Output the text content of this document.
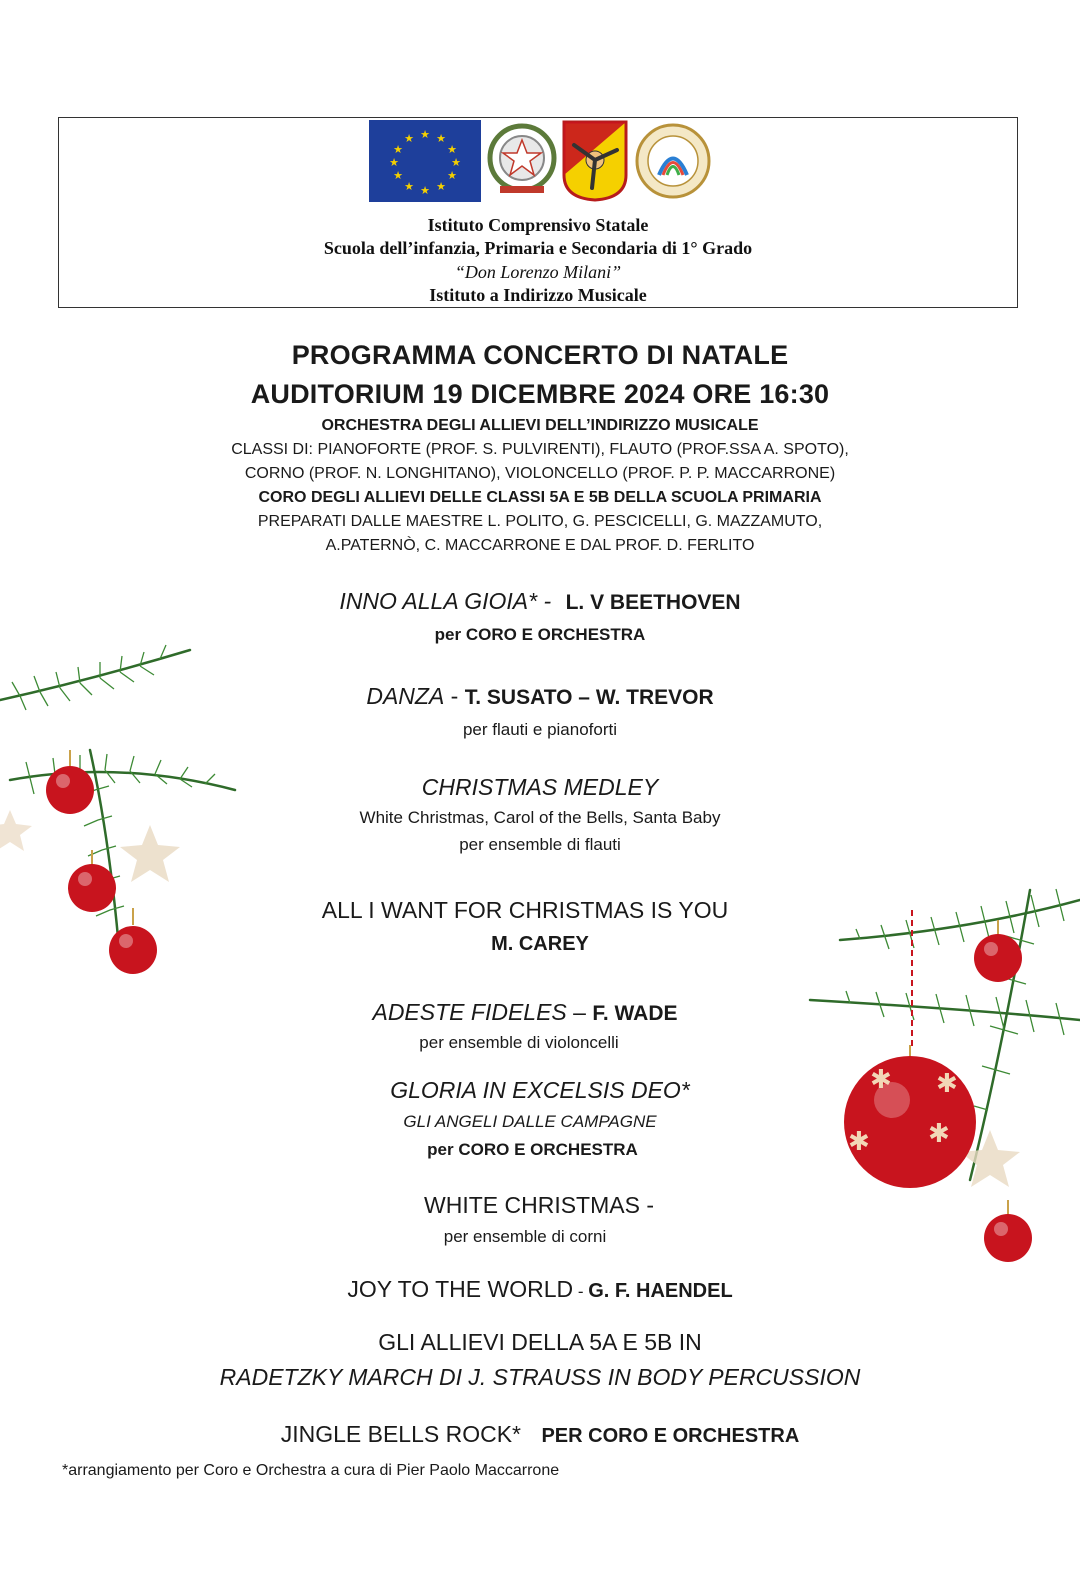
★ ★
★
★
★
★
★
★
★
★
★
★
Istituto Comprensivo Statale
Scuola dell’infanzia, Primaria e Secondaria di 1° Grado
“Don Lorenzo Milani”
Istituto a Indirizzo Musicale
✱
✱
✱
✱
PROGRAMMA CONCERTO DI NATALE
AUDITORIUM 19 DICEMBRE 2024 ORE 16:30
ORCHESTRA DEGLI ALLIEVI DELL’INDIRIZZO MUSICALE
CLASSI DI: PIANOFORTE (PROF. S. PULVIRENTI), FLAUTO (PROF.SSA A. SPOTO),
CORNO (PROF. N. LONGHITANO), VIOLONCELLO (PROF. P. P. MACCARRONE)
CORO DEGLI ALLIEVI DELLE CLASSI 5A E 5B DELLA SCUOLA PRIMARIA
PREPARATI DALLE MAESTRE L. POLITO, G. PESCICELLI, G. MAZZAMUTO,
A.PATERNÒ, C. MACCARRONE E DAL PROF. D. FERLITO
INNO ALLA GIOIA* - L. V BEETHOVEN
per CORO E ORCHESTRA
DANZA - T. SUSATO – W. TREVOR
per flauti e pianoforti
CHRISTMAS MEDLEY
White Christmas, Carol of the Bells, Santa Baby
per ensemble di flauti
ALL I WANT FOR CHRISTMAS IS YOU
M. CAREY
ADESTE FIDELES – F. WADE
per ensemble di violoncelli
GLORIA IN EXCELSIS DEO*
GLI ANGELI DALLE CAMPAGNE
per CORO E ORCHESTRA
WHITE CHRISTMAS -
per ensemble di corni
JOY TO THE WORLD - G. F. HAENDEL
GLI ALLIEVI DELLA 5A E 5B IN
RADETZKY MARCH DI J. STRAUSS IN BODY PERCUSSION
JINGLE BELLS ROCK* PER CORO E ORCHESTRA
*arrangiamento per Coro e Orchestra a cura di Pier Paolo Maccarrone
